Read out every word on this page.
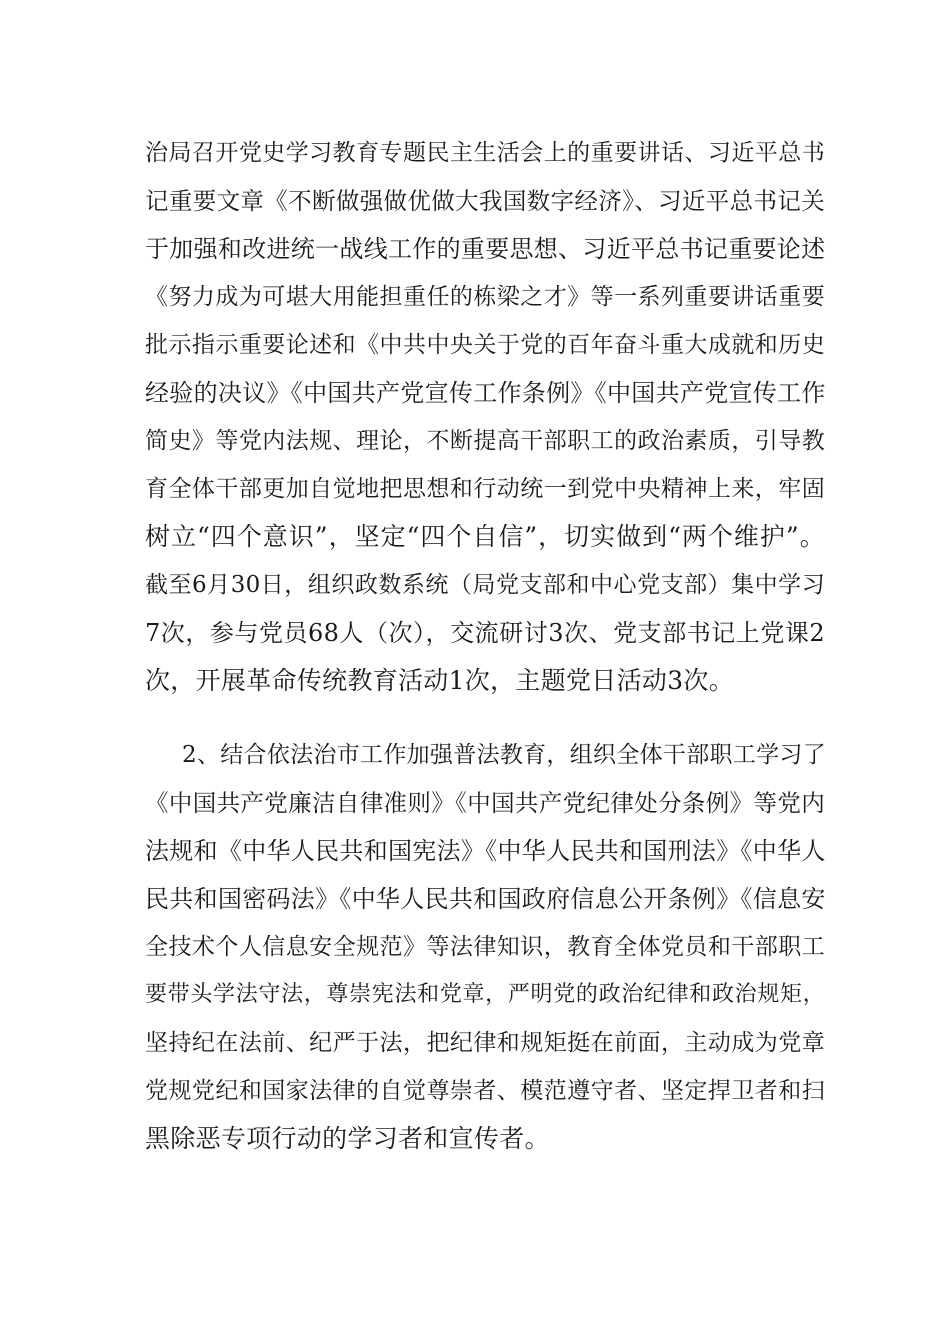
治局召开党史学习教育专题民主生活会上的重要讲话、习近平总书
记重要文章《不断做强做优做大我国数字经济》、习近平总书记关
于加强和改进统一战线工作的重要思想、习近平总书记重要论述
《努力成为可堪大用能担重任的栋梁之才》等一系列重要讲话重要
批示指示重要论述和《中共中央关于党的百年奋斗重大成就和历史
经验的决议》《中国共产党宣传工作条例》《中国共产党宣传工作
简史》等党内法规、理论，不断提高干部职工的政治素质，引导教
育全体干部更加自觉地把思想和行动统一到党中央精神上来，牢固
树立“四个意识”，坚定“四个自信”，切实做到“两个维护”。
截至6月30日，组织政数系统（局党支部和中心党支部）集中学习
7次，参与党员68人（次），交流研讨3次、党支部书记上党课2
次，开展革命传统教育活动1次，主题党日活动3次。
2、结合依法治市工作加强普法教育，组织全体干部职工学习了
《中国共产党廉洁自律准则》《中国共产党纪律处分条例》等党内
法规和《中华人民共和国宪法》《中华人民共和国刑法》《中华人
民共和国密码法》《中华人民共和国政府信息公开条例》《信息安
全技术个人信息安全规范》等法律知识，教育全体党员和干部职工
要带头学法守法，尊崇宪法和党章，严明党的政治纪律和政治规矩，
坚持纪在法前、纪严于法，把纪律和规矩挺在前面，主动成为党章
党规党纪和国家法律的自觉尊崇者、模范遵守者、坚定捍卫者和扫
黑除恶专项行动的学习者和宣传者。
